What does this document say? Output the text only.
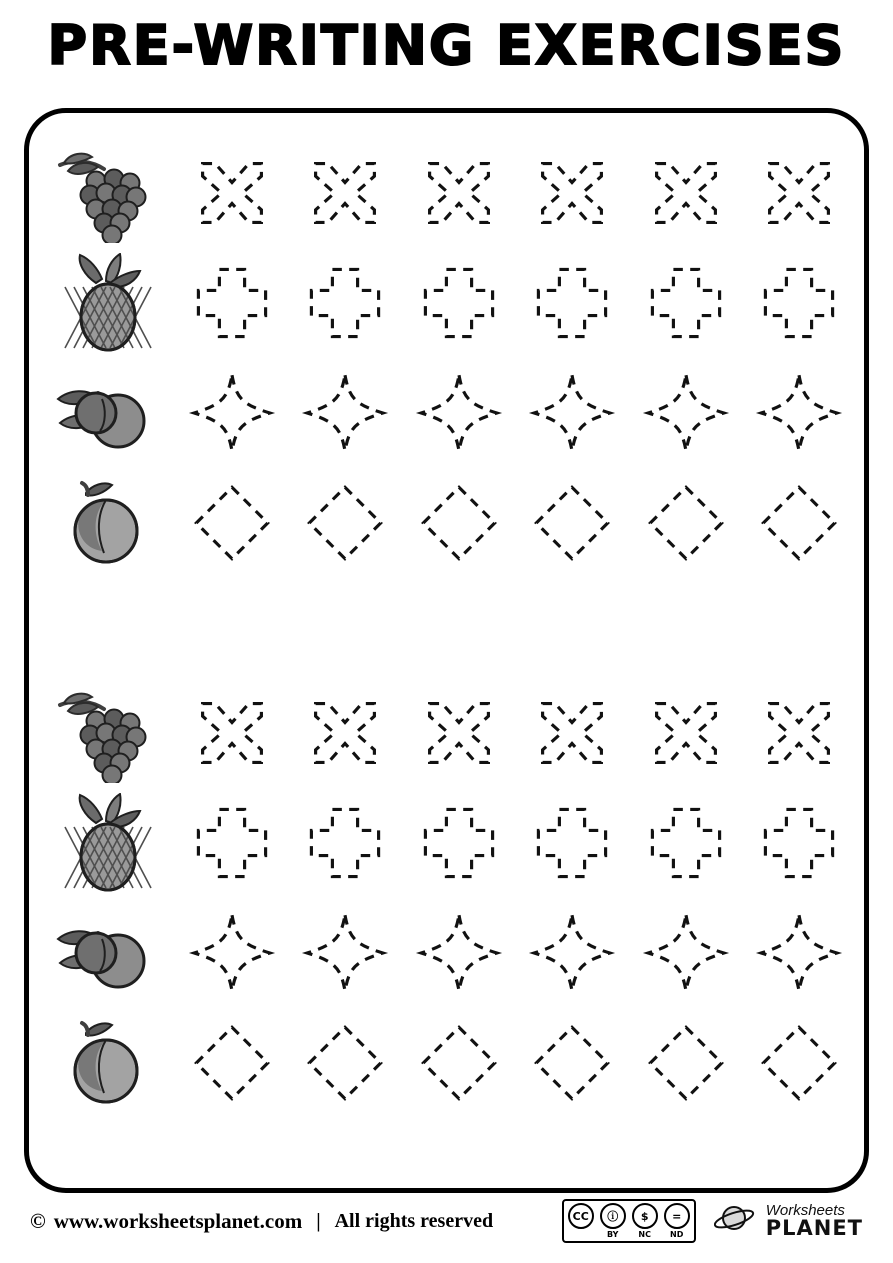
PRE-WRITING EXERCISES
© www.worksheetsplanet.com | All rights reserved	CC
	ⓘ
BY
$
NC
=
ND
Worksheets
PLANET
